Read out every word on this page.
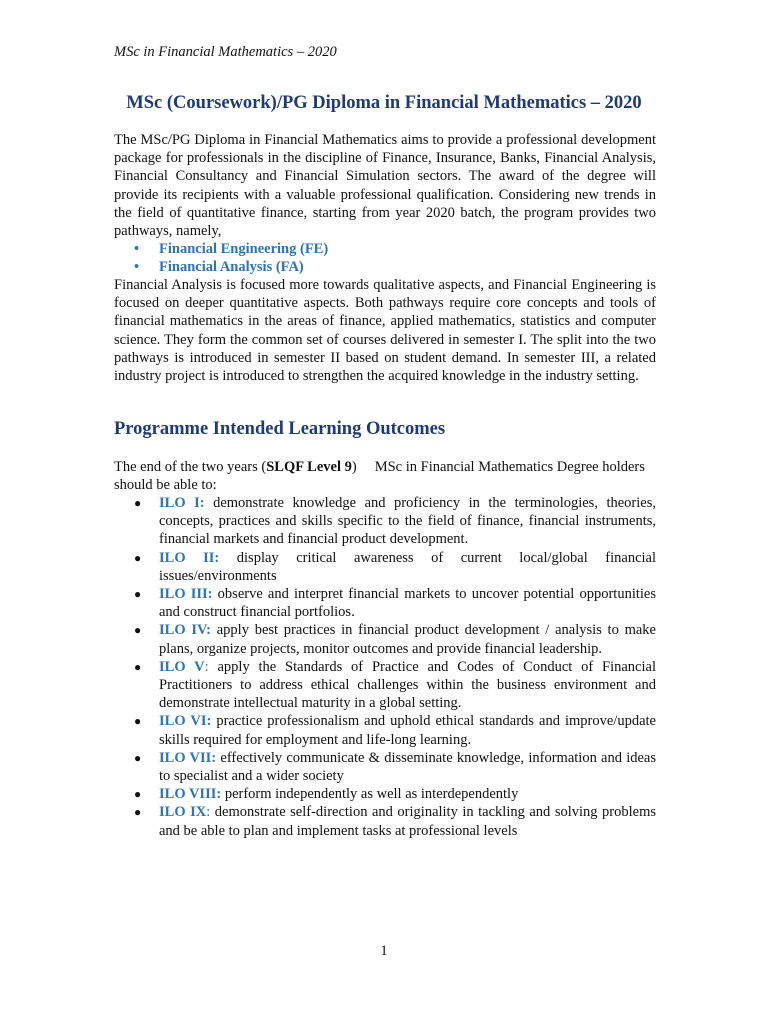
MSc in Financial Mathematics – 2020
MSc (Coursework)/PG Diploma in Financial Mathematics – 2020
The MSc/PG Diploma in Financial Mathematics aims to provide a professional development package for professionals in the discipline of Finance, Insurance, Banks, Financial Analysis, Financial Consultancy and Financial Simulation sectors. The award of the degree will provide its recipients with a valuable professional qualification. Considering new trends in the field of quantitative finance, starting from year 2020 batch, the program provides two pathways, namely,
• Financial Engineering (FE)
• Financial Analysis (FA)
Financial Analysis is focused more towards qualitative aspects, and Financial Engineering is focused on deeper quantitative aspects. Both pathways require core concepts and tools of financial mathematics in the areas of finance, applied mathematics, statistics and computer science. They form the common set of courses delivered in semester I. The split into the two pathways is introduced in semester II based on student demand. In semester III, a related industry project is introduced to strengthen the acquired knowledge in the industry setting.
Programme Intended Learning Outcomes
The end of the two years (SLQF Level 9) MSc in Financial Mathematics Degree holders should be able to:
● ILO I: demonstrate knowledge and proficiency in the terminologies, theories, concepts, practices and skills specific to the field of finance, financial instruments, financial markets and financial product development.
● ILO II: display critical awareness of current local/global financial issues/environments
● ILO III: observe and interpret financial markets to uncover potential opportunities and construct financial portfolios.
● ILO IV: apply best practices in financial product development / analysis to make plans, organize projects, monitor outcomes and provide financial leadership.
● ILO V: apply the Standards of Practice and Codes of Conduct of Financial Practitioners to address ethical challenges within the business environment and demonstrate intellectual maturity in a global setting.
● ILO VI: practice professionalism and uphold ethical standards and improve/update skills required for employment and life-long learning.
● ILO VII: effectively communicate & disseminate knowledge, information and ideas to specialist and a wider society
● ILO VIII: perform independently as well as interdependently
● ILO IX: demonstrate self-direction and originality in tackling and solving problems and be able to plan and implement tasks at professional levels
1
